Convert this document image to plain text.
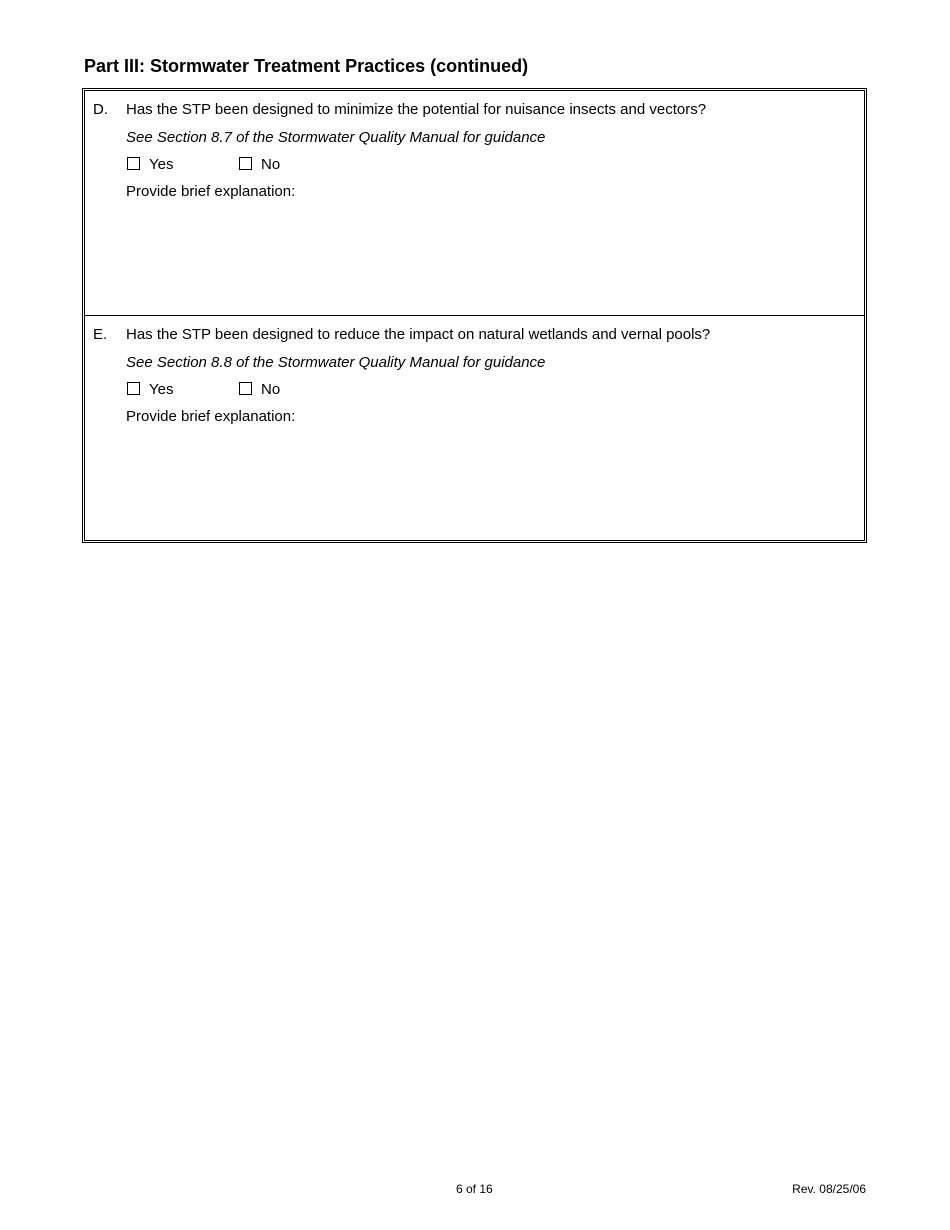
Part III: Stormwater Treatment Practices (continued)
D. Has the STP been designed to minimize the potential for nuisance insects and vectors?
See Section 8.7 of the Stormwater Quality Manual for guidance
Yes	No
Provide brief explanation:
E. Has the STP been designed to reduce the impact on natural wetlands and vernal pools?
See Section 8.8 of the Stormwater Quality Manual for guidance
Yes	No
Provide brief explanation:
6 of 16	Rev. 08/25/06
